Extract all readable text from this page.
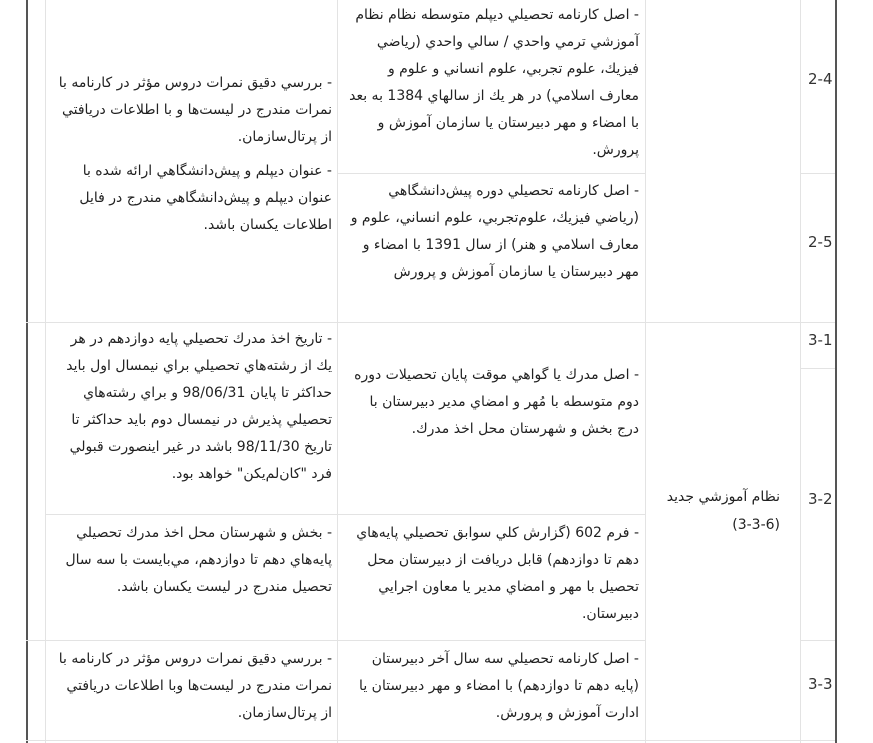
2-4
2-5
3-1
3-2
3-3
نظام آموزشي جديد
(3-3-6)
- اصل كارنامه تحصيلي ديپلم متوسطه نظام نظام آموزشي ترمي واحدي / سالي واحدي (رياضي فيزيك، علوم تجربي، علوم انساني و علوم و معارف اسلامي) در هر يك از سالهاي 1384 به بعد با امضاء و مهر دبيرستان يا سازمان آموزش و پرورش.
- اصل كارنامه تحصيلي دوره پيش‌دانشگاهي (رياضي فيزيك، علوم‌تجربي، علوم انساني، علوم و معارف اسلامي و هنر) از سال 1391 با امضاء و مهر دبيرستان يا سازمان آموزش و پرورش
- اصل مدرك يا گواهي موقت پايان تحصيلات دوره دوم متوسطه با مُهر و امضاي مدير دبيرستان با درج بخش و شهرستان محل اخذ مدرك.
- فرم 602 (گزارش كلي سوابق تحصيلي پايه‌هاي دهم تا دوازدهم) قابل دريافت از دبيرستان محل تحصيل با مهر و امضاي مدير يا معاون اجرايي دبيرستان.
- اصل كارنامه تحصيلي سه سال آخر دبيرستان (پايه دهم تا دوازدهم) با امضاء و مهر دبيرستان يا ادارت آموزش و پرورش.
- بررسي دقيق نمرات دروس مؤثر در كارنامه با نمرات مندرج در ليست‌ها و با اطلاعات دريافتي از پرتال‌سازمان.
- عنوان ديپلم و پيش‌دانشگاهي ارائه شده با عنوان ديپلم و پيش‌دانشگاهي مندرج در فايل اطلاعات يكسان باشد.
- تاريخ اخذ مدرك تحصيلي پايه دوازدهم در هر يك از رشته‌هاي تحصيلي براي نيمسال اول بايد حداكثر تا پايان 98/06/31 و براي رشته‌هاي تحصيلي پذيرش در نيمسال دوم بايد حداكثر تا تاريخ 98/11/30 باشد در غير اينصورت قبولي فرد "كان‌لم‌يكن" خواهد بود.
- بخش و شهرستان محل اخذ مدرك تحصيلي پايه‌هاي دهم تا دوازدهم، مي‌بايست با سه سال تحصيل مندرج در ليست يكسان باشد.
- بررسي دقيق نمرات دروس مؤثر در كارنامه با نمرات مندرج در ليست‌ها وبا اطلاعات دريافتي از پرتال‌سازمان.
